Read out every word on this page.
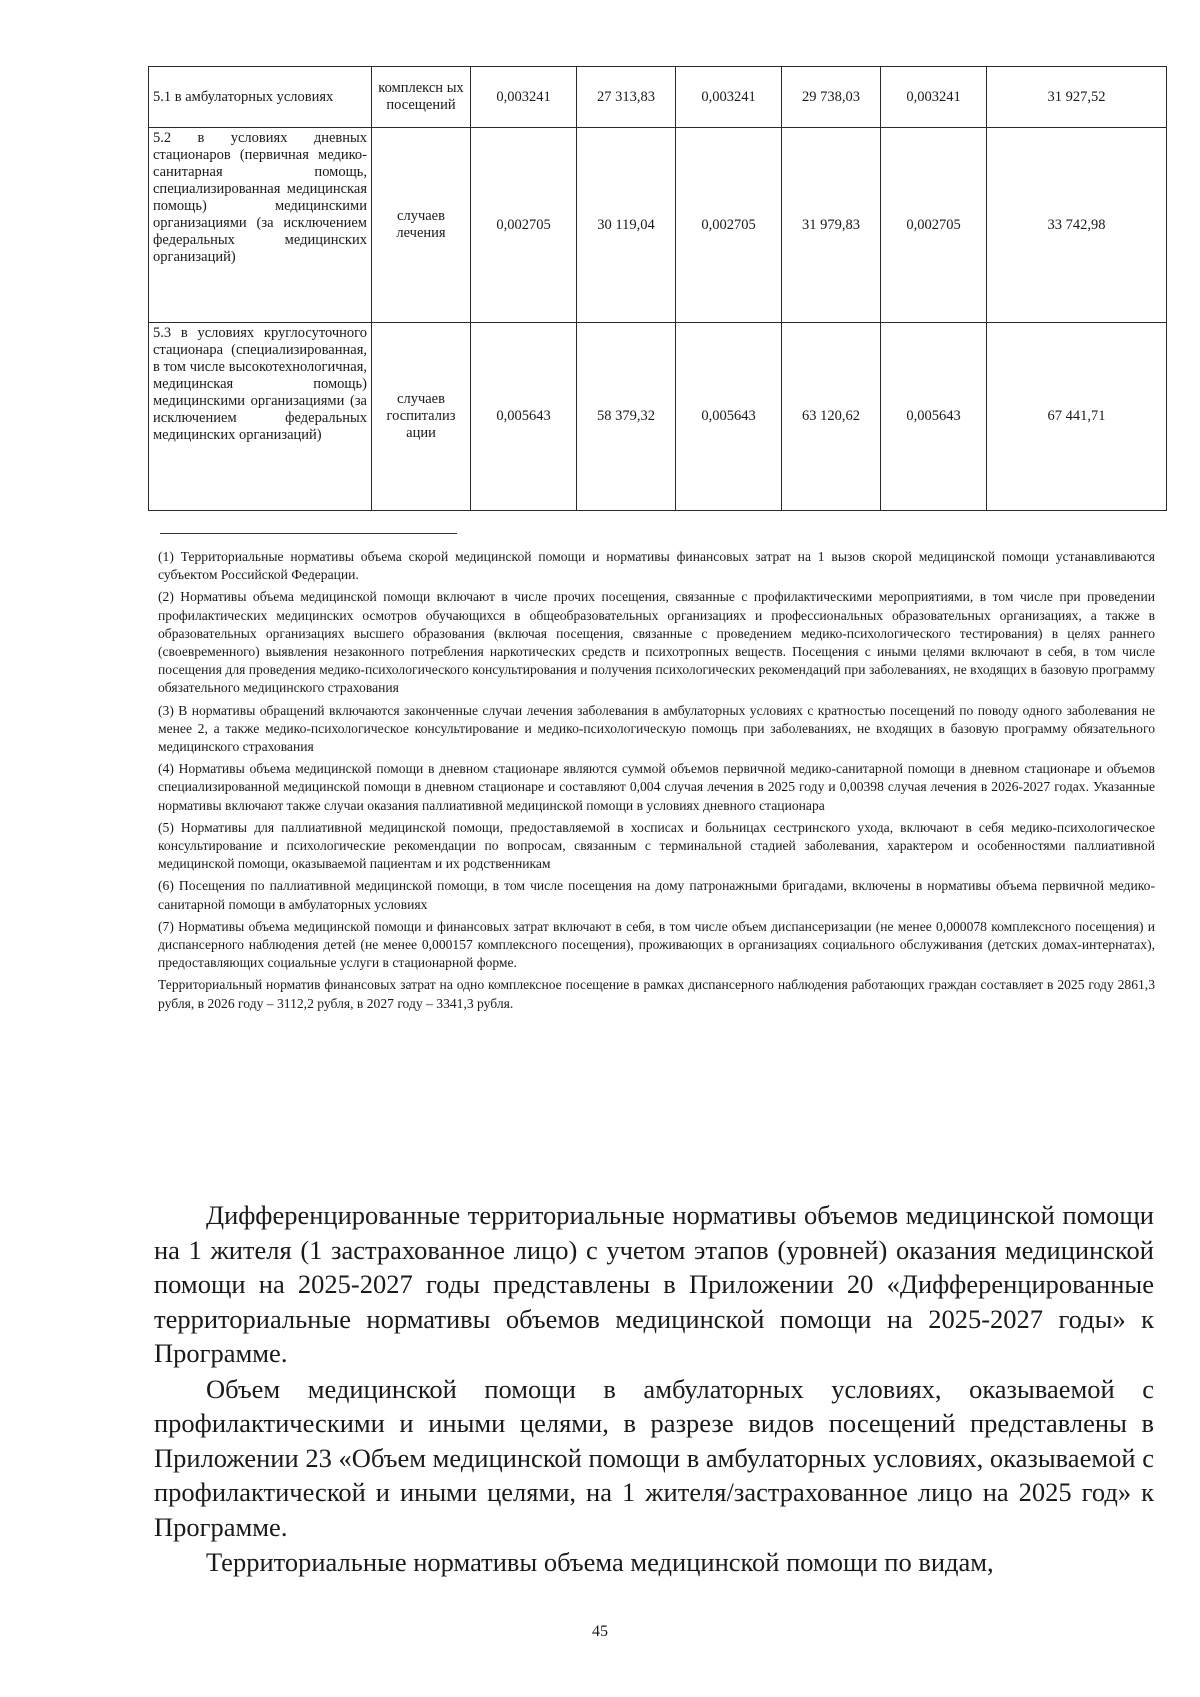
5.1 в амбулаторных условиях	комплексн ых посещений	0,003241	27 313,83	0,003241	29 738,03	0,003241	31 927,52
5.2 в условиях дневных стационаров (первичная медико-санитарная помощь, специализированная медицинская помощь) медицинскими организациями (за исключением федеральных медицинских организаций)	случаев лечения	0,002705	30 119,04	0,002705	31 979,83	0,002705	33 742,98
5.3 в условиях круглосуточного стационара (специализированная, в том числе высокотехнологичная, медицинская помощь) медицинскими организациями (за исключением федеральных медицинских организаций)	случаев госпитализ ации	0,005643	58 379,32	0,005643	63 120,62	0,005643	67 441,71

(1) Территориальные нормативы объема скорой медицинской помощи и нормативы финансовых затрат на 1 вызов скорой медицинской помощи устанавливаются субъектом Российской Федерации.

(2) Нормативы объема медицинской помощи включают в числе прочих посещения, связанные с профилактическими мероприятиями, в том числе при проведении профилактических медицинских осмотров обучающихся в общеобразовательных организациях и профессиональных образовательных организациях, а также в образовательных организациях высшего образования (включая посещения, связанные с проведением медико-психологического тестирования) в целях раннего (своевременного) выявления незаконного потребления наркотических средств и психотропных веществ. Посещения с иными целями включают в себя, в том числе посещения для проведения медико-психологического консультирования и получения психологических рекомендаций при заболеваниях, не входящих в базовую программу обязательного медицинского страхования

(3) В нормативы обращений включаются законченные случаи лечения заболевания в амбулаторных условиях с кратностью посещений по поводу одного заболевания не менее 2, а также медико-психологическое консультирование и медико-психологическую помощь при заболеваниях, не входящих в базовую программу обязательного медицинского страхования

(4) Нормативы объема медицинской помощи в дневном стационаре являются суммой объемов первичной медико-санитарной помощи в дневном стационаре и объемов специализированной медицинской помощи в дневном стационаре и составляют 0,004 случая лечения в 2025 году и 0,00398 случая лечения в 2026-2027 годах. Указанные нормативы включают также случаи оказания паллиативной медицинской помощи в условиях дневного стационара

(5) Нормативы для паллиативной медицинской помощи, предоставляемой в хосписах и больницах сестринского ухода, включают в себя медико-психологическое консультирование и психологические рекомендации по вопросам, связанным с терминальной стадией заболевания, характером и особенностями паллиативной медицинской помощи, оказываемой пациентам и их родственникам

(6) Посещения по паллиативной медицинской помощи, в том числе посещения на дому патронажными бригадами, включены в нормативы объема первичной медико-санитарной помощи в амбулаторных условиях

(7) Нормативы объема медицинской помощи и финансовых затрат включают в себя, в том числе объем диспансеризации (не менее 0,000078 комплексного посещения) и диспансерного наблюдения детей (не менее 0,000157 комплексного посещения), проживающих в организациях социального обслуживания (детских домах-интернатах), предоставляющих социальные услуги в стационарной форме.

Территориальный норматив финансовых затрат на одно комплексное посещение в рамках диспансерного наблюдения работающих граждан составляет в 2025 году 2861,3 рубля, в 2026 году – 3112,2 рубля, в 2027 году – 3341,3 рубля.

Дифференцированные территориальные нормативы объемов медицинской помощи на 1 жителя (1 застрахованное лицо) с учетом этапов (уровней) оказания медицинской помощи на 2025-2027 годы представлены в Приложении 20 «Дифференцированные территориальные нормативы объемов медицинской помощи на 2025-2027 годы» к Программе.

Объем медицинской помощи в амбулаторных условиях, оказываемой с профилактическими и иными целями, в разрезе видов посещений представлены в Приложении 23 «Объем медицинской помощи в амбулаторных условиях, оказываемой с профилактической и иными целями, на 1 жителя/застрахованное лицо на 2025 год» к Программе.

Территориальные нормативы объема медицинской помощи по видам,

45
